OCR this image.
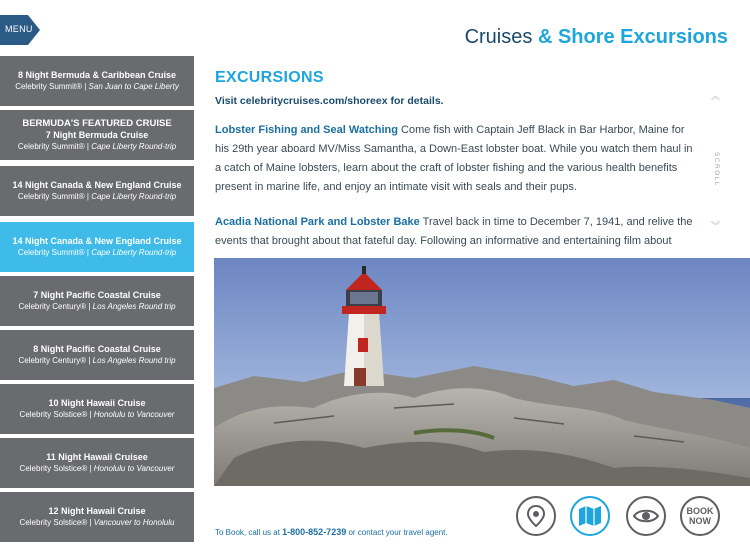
MENU	Cruises & Shore Excursions
8 Night Bermuda & Caribbean Cruise
Celebrity Summit® | San Juan to Cape Liberty
BERMUDA'S FEATURED CRUISE
7 Night Bermuda Cruise
Celebrity Summit® | Cape Liberty Round-trip
14 Night Canada & New England Cruise
Celebrity Summit® | Cape Liberty Round-trip
14 Night Canada & New England Cruise
Celebrity Summit® | Cape Liberty Round-trip
7 Night Pacific Coastal Cruise
Celebrity Century® | Los Angeles Round trip
8 Night Pacific Coastal Cruise
Celebrity Century® | Los Angeles Round trip
10 Night Hawaii Cruise
Celebrity Solstice® | Honolulu to Vancouver
11 Night Hawaii Cruisee
Celebrity Solstice® | Honolulu to Vancouver
12 Night Hawaii Cruise
Celebrity Solstice® | Vancouver to Honolulu
EXCURSIONS
Visit celebritycruises.com/shoreex for details.
Lobster Fishing and Seal Watching Come fish with Captain Jeff Black in Bar Harbor, Maine for his 29th year aboard MV/Miss Samantha, a Down-East lobster boat. While you watch them haul in a catch of Maine lobsters, learn about the craft of lobster fishing and the various health benefits present in marine life, and enjoy an intimate visit with seals and their pups.
Acadia National Park and Lobster Bake Travel back in time to December 7, 1941, and relive the events that brought about that fateful day. Following an informative and entertaining film about
︽
SCROLL
︾
To Book, call us at 1-800-852-7239 or contact your travel agent.
BOOK
NOW
